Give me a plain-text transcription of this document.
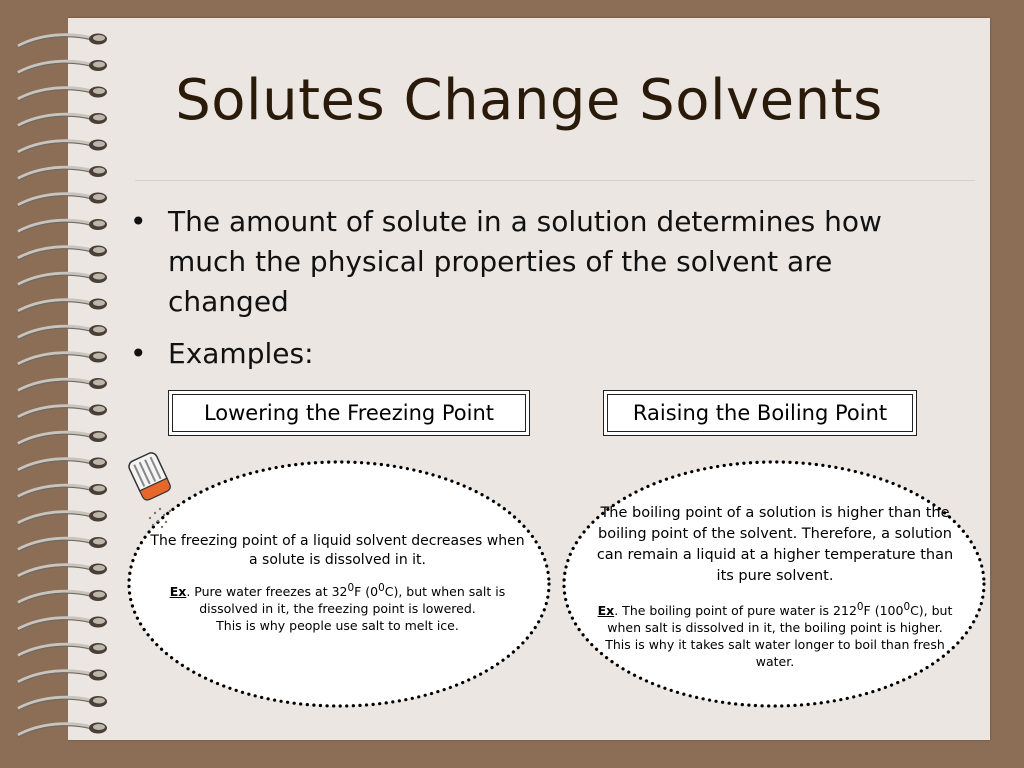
Solutes Change Solvents
• The amount of solute in a solution determines how much the physical properties of the solvent are changed
• Examples:
Lowering the Freezing Point	Raising the Boiling Point

The freezing point of a liquid solvent decreases when a solute is dissolved in it.

Ex. Pure water freezes at $32^0F$ $(0^0C)$, but when salt is dissolved in it, the freezing point is lowered.
This is why people use salt to melt ice.

The boiling point of a solution is higher than the boiling point of the solvent. Therefore, a solution can remain a liquid at a higher temperature than its pure solvent.

Ex. The boiling point of pure water is $212^0F$ $(100^0C)$, but when salt is dissolved in it, the boiling point is higher. This is why it takes salt water longer to boil than fresh water.
